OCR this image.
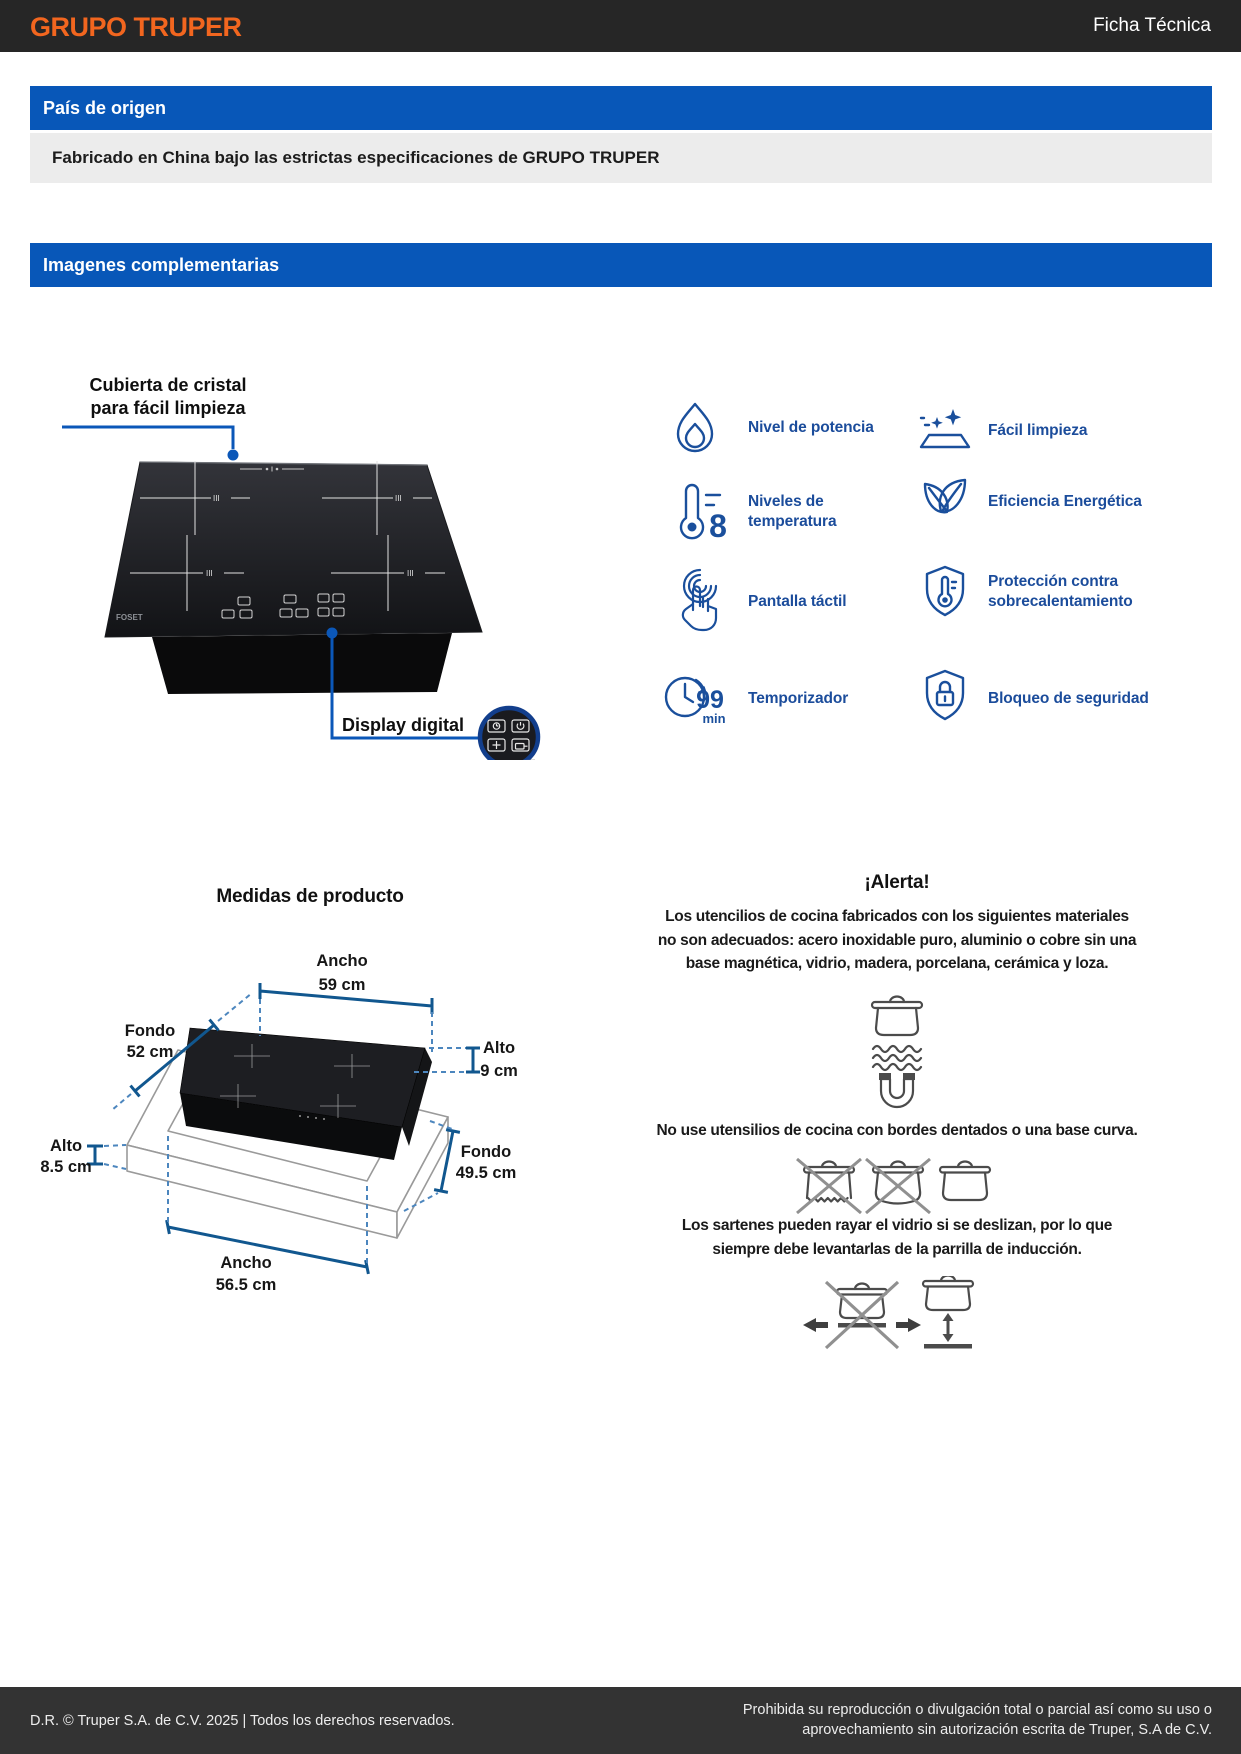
GRUPO TRUPER	Ficha Técnica
País de origen
Fabricado en China bajo las estrictas especificaciones de GRUPO TRUPER
Imagenes complementarias
Cubierta de cristal
para fácil limpieza
III	III
III	III
FOSET
Display digital
Nivel de potencia
8
Niveles de
temperatura
Pantalla táctil
99
min
Temporizador
Fácil limpieza
Eficiencia Energética
Protección contra
sobrecalentamiento
Bloqueo de seguridad
Medidas de producto
Ancho
59 cm
Fondo
52 cm	Alto
9 cm
Alto
8.5 cm
Fondo
49.5 cm
Ancho
56.5 cm
¡Alerta!
Los utencilios de cocina fabricados con los siguientes materiales
no son adecuados: acero inoxidable puro, aluminio o cobre sin una
base magnética, vidrio, madera, porcelana, cerámica y loza.
No use utensilios de cocina con bordes dentados o una base curva.
Los sartenes pueden rayar el vidrio si se deslizan, por lo que
siempre debe levantarlas de la parrilla de inducción.
D.R. © Truper S.A. de C.V. 2025 | Todos los derechos reservados.
Prohibida su reproducción o divulgación total o parcial así como su uso o
aprovechamiento sin autorización escrita de Truper, S.A de C.V.
